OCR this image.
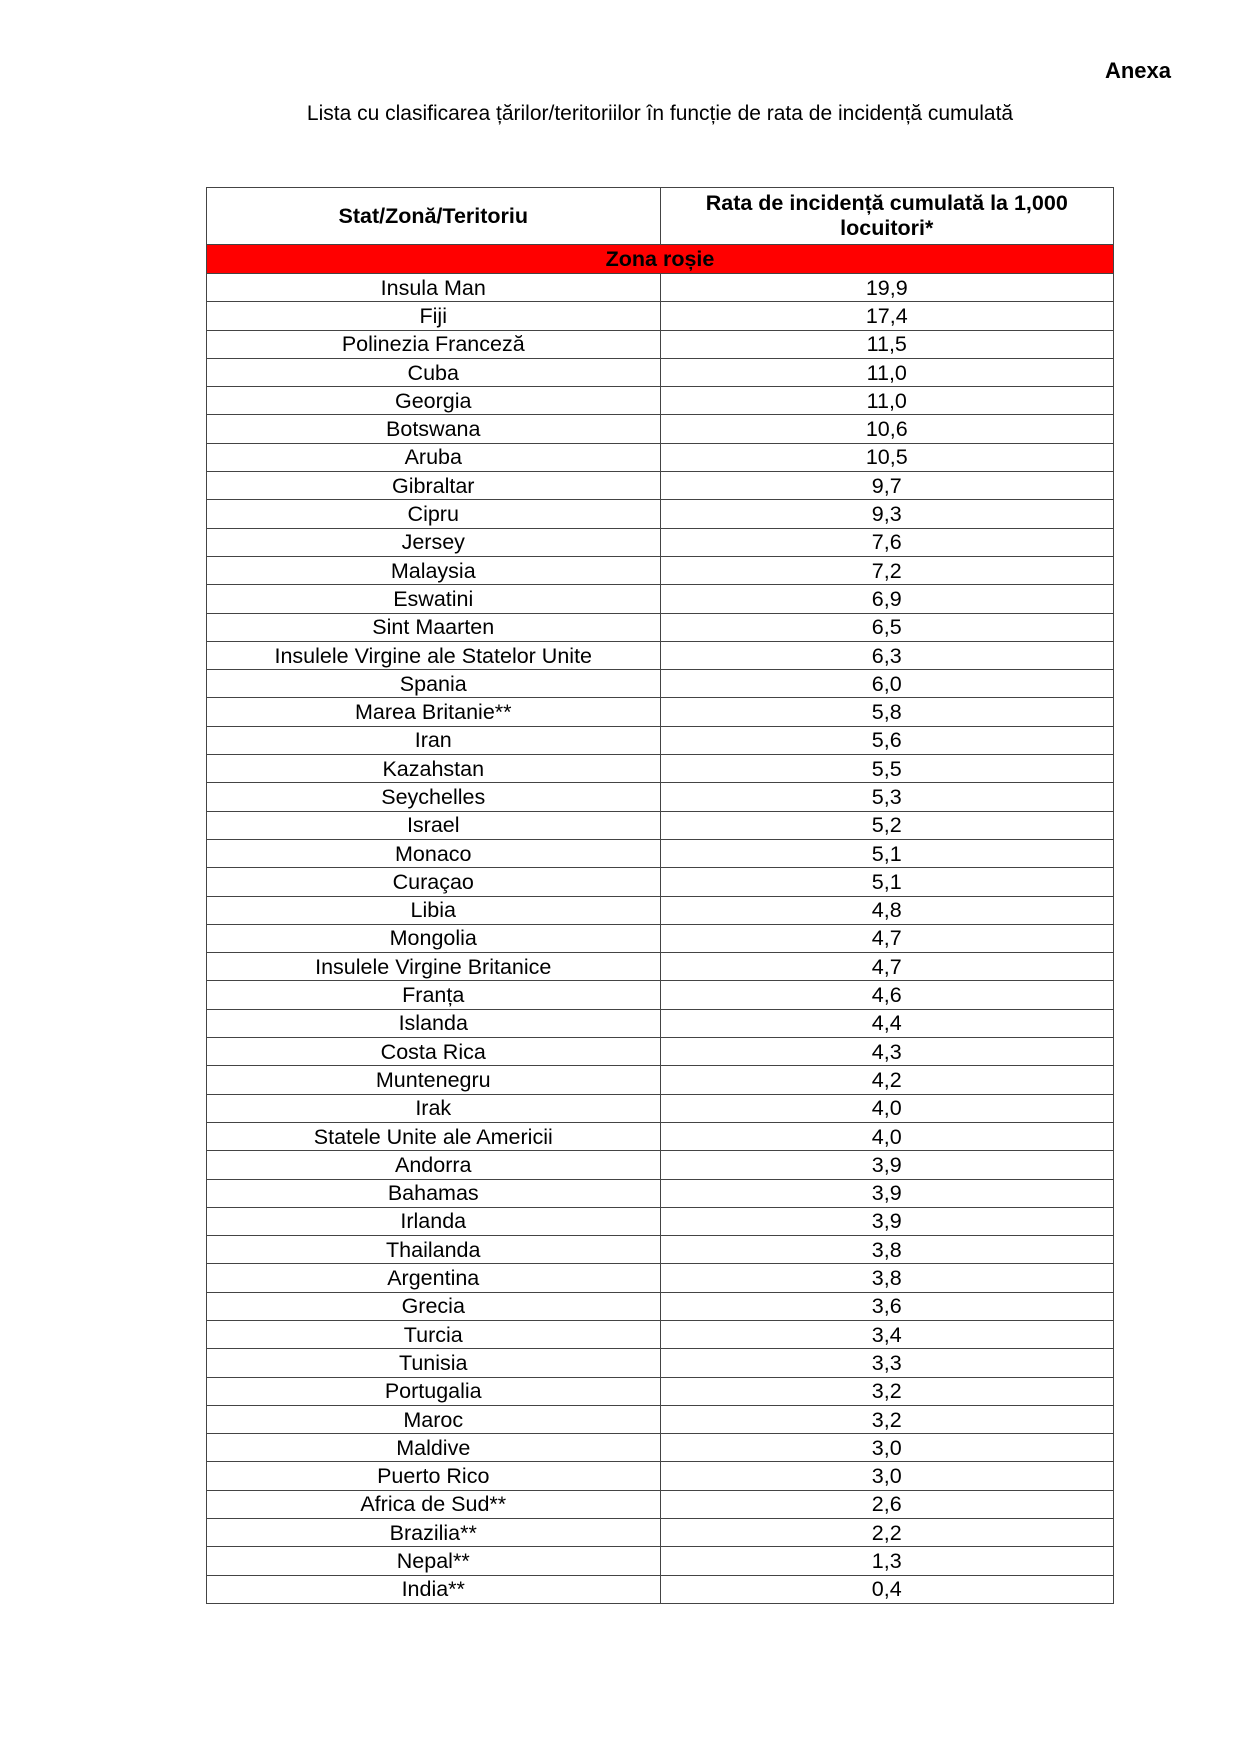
Anexa
Lista cu clasificarea țărilor/teritoriilor în funcție de rata de incidență cumulată
Stat/Zonă/Teritoriu	Rata de incidență cumulată la 1,000 locuitori*
Zona roșie	
Insula Man	19,9
Fiji	17,4
Polinezia Franceză	11,5
Cuba	11,0
Georgia	11,0
Botswana	10,6
Aruba	10,5
Gibraltar	9,7
Cipru	9,3
Jersey	7,6
Malaysia	7,2
Eswatini	6,9
Sint Maarten	6,5
Insulele Virgine ale Statelor Unite	6,3
Spania	6,0
Marea Britanie**	5,8
Iran	5,6
Kazahstan	5,5
Seychelles	5,3
Israel	5,2
Monaco	5,1
Curaçao	5,1
Libia	4,8
Mongolia	4,7
Insulele Virgine Britanice	4,7
Franța	4,6
Islanda	4,4
Costa Rica	4,3
Muntenegru	4,2
Irak	4,0
Statele Unite ale Americii	4,0
Andorra	3,9
Bahamas	3,9
Irlanda	3,9
Thailanda	3,8
Argentina	3,8
Grecia	3,6
Turcia	3,4
Tunisia	3,3
Portugalia	3,2
Maroc	3,2
Maldive	3,0
Puerto Rico	3,0
Africa de Sud**	2,6
Brazilia**	2,2
Nepal**	1,3
India**	0,4
